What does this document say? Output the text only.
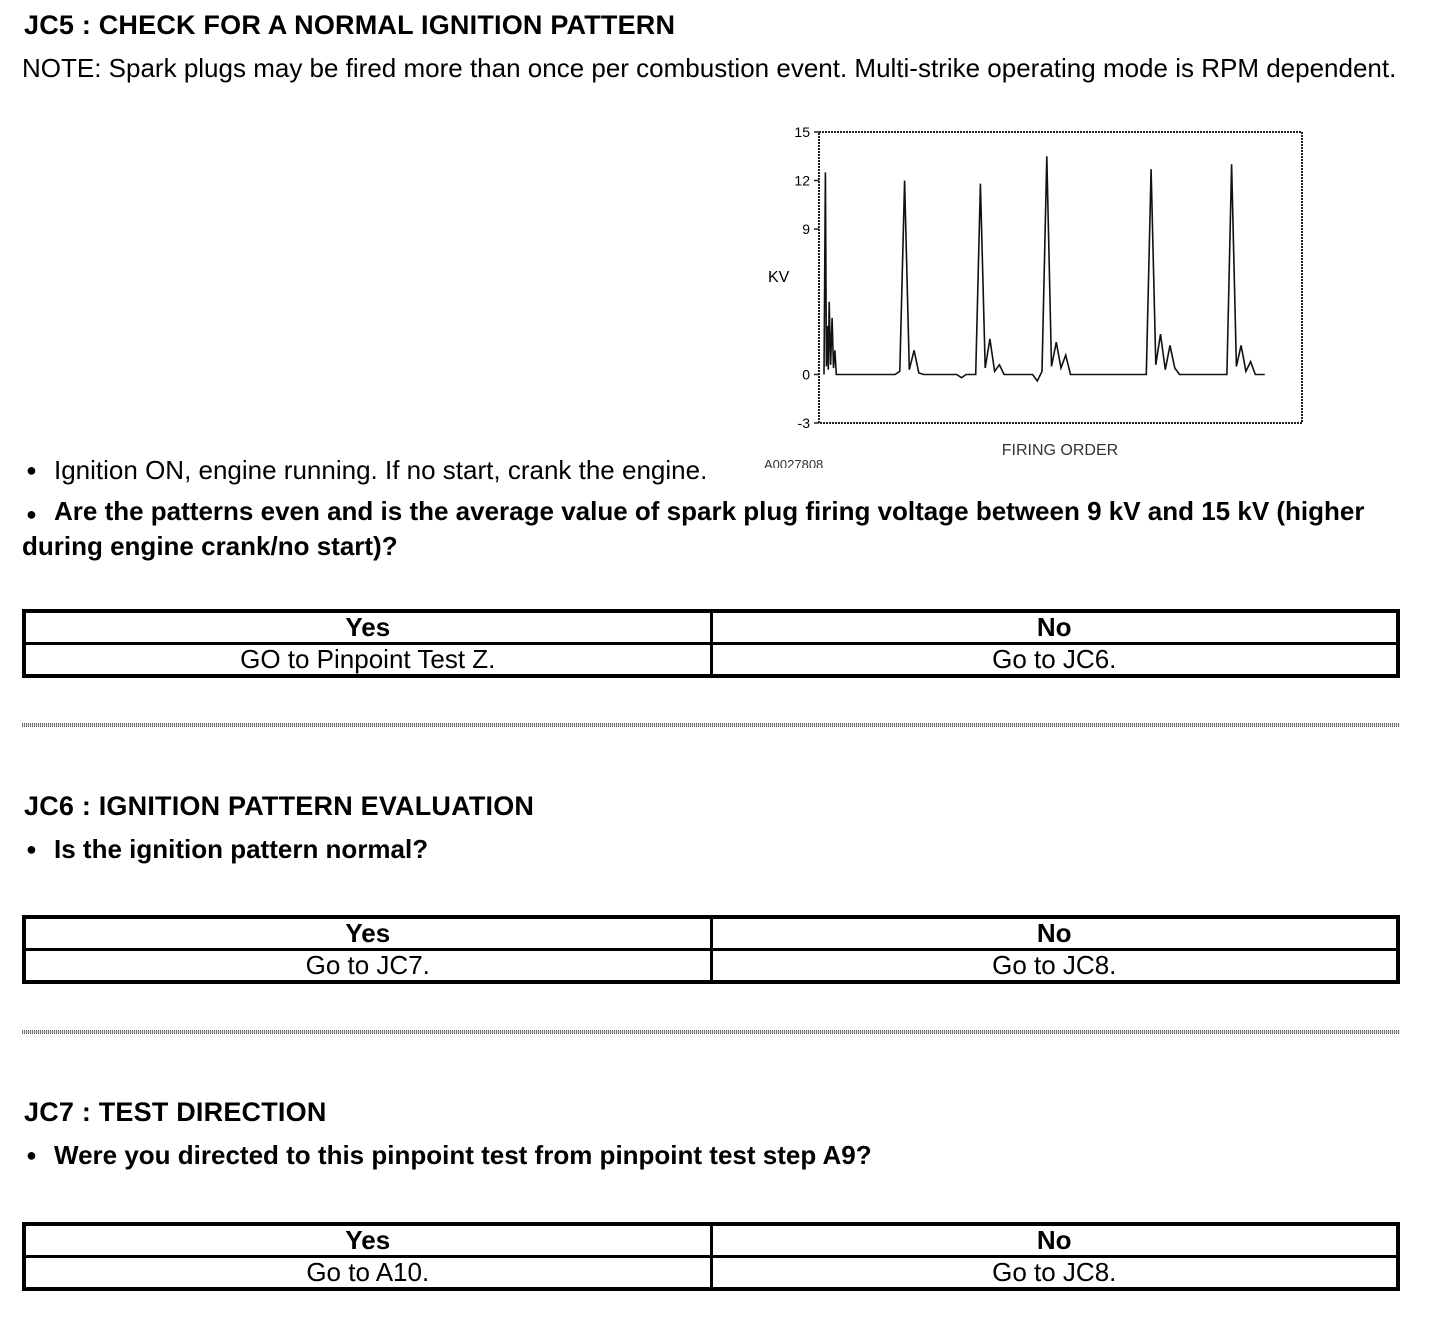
JC5 : CHECK FOR A NORMAL IGNITION PATTERN
NOTE: Spark plugs may be fired more than once per combustion event. Multi-strike operating mode is RPM dependent.
-3
0
9
12
15
KV
FIRING ORDER
A0027808
● Ignition ON, engine running. If no start, crank the engine.
● Are the patterns even and is the average value of spark plug firing voltage between 9 kV and 15 kV (higher during engine crank/no start)?
Yes	No
GO to Pinpoint Test Z.	Go to JC6.
JC6 : IGNITION PATTERN EVALUATION
● Is the ignition pattern normal?
Yes	No
Go to JC7.	Go to JC8.
JC7 : TEST DIRECTION
● Were you directed to this pinpoint test from pinpoint test step A9?
Yes	No
Go to A10.	Go to JC8.
